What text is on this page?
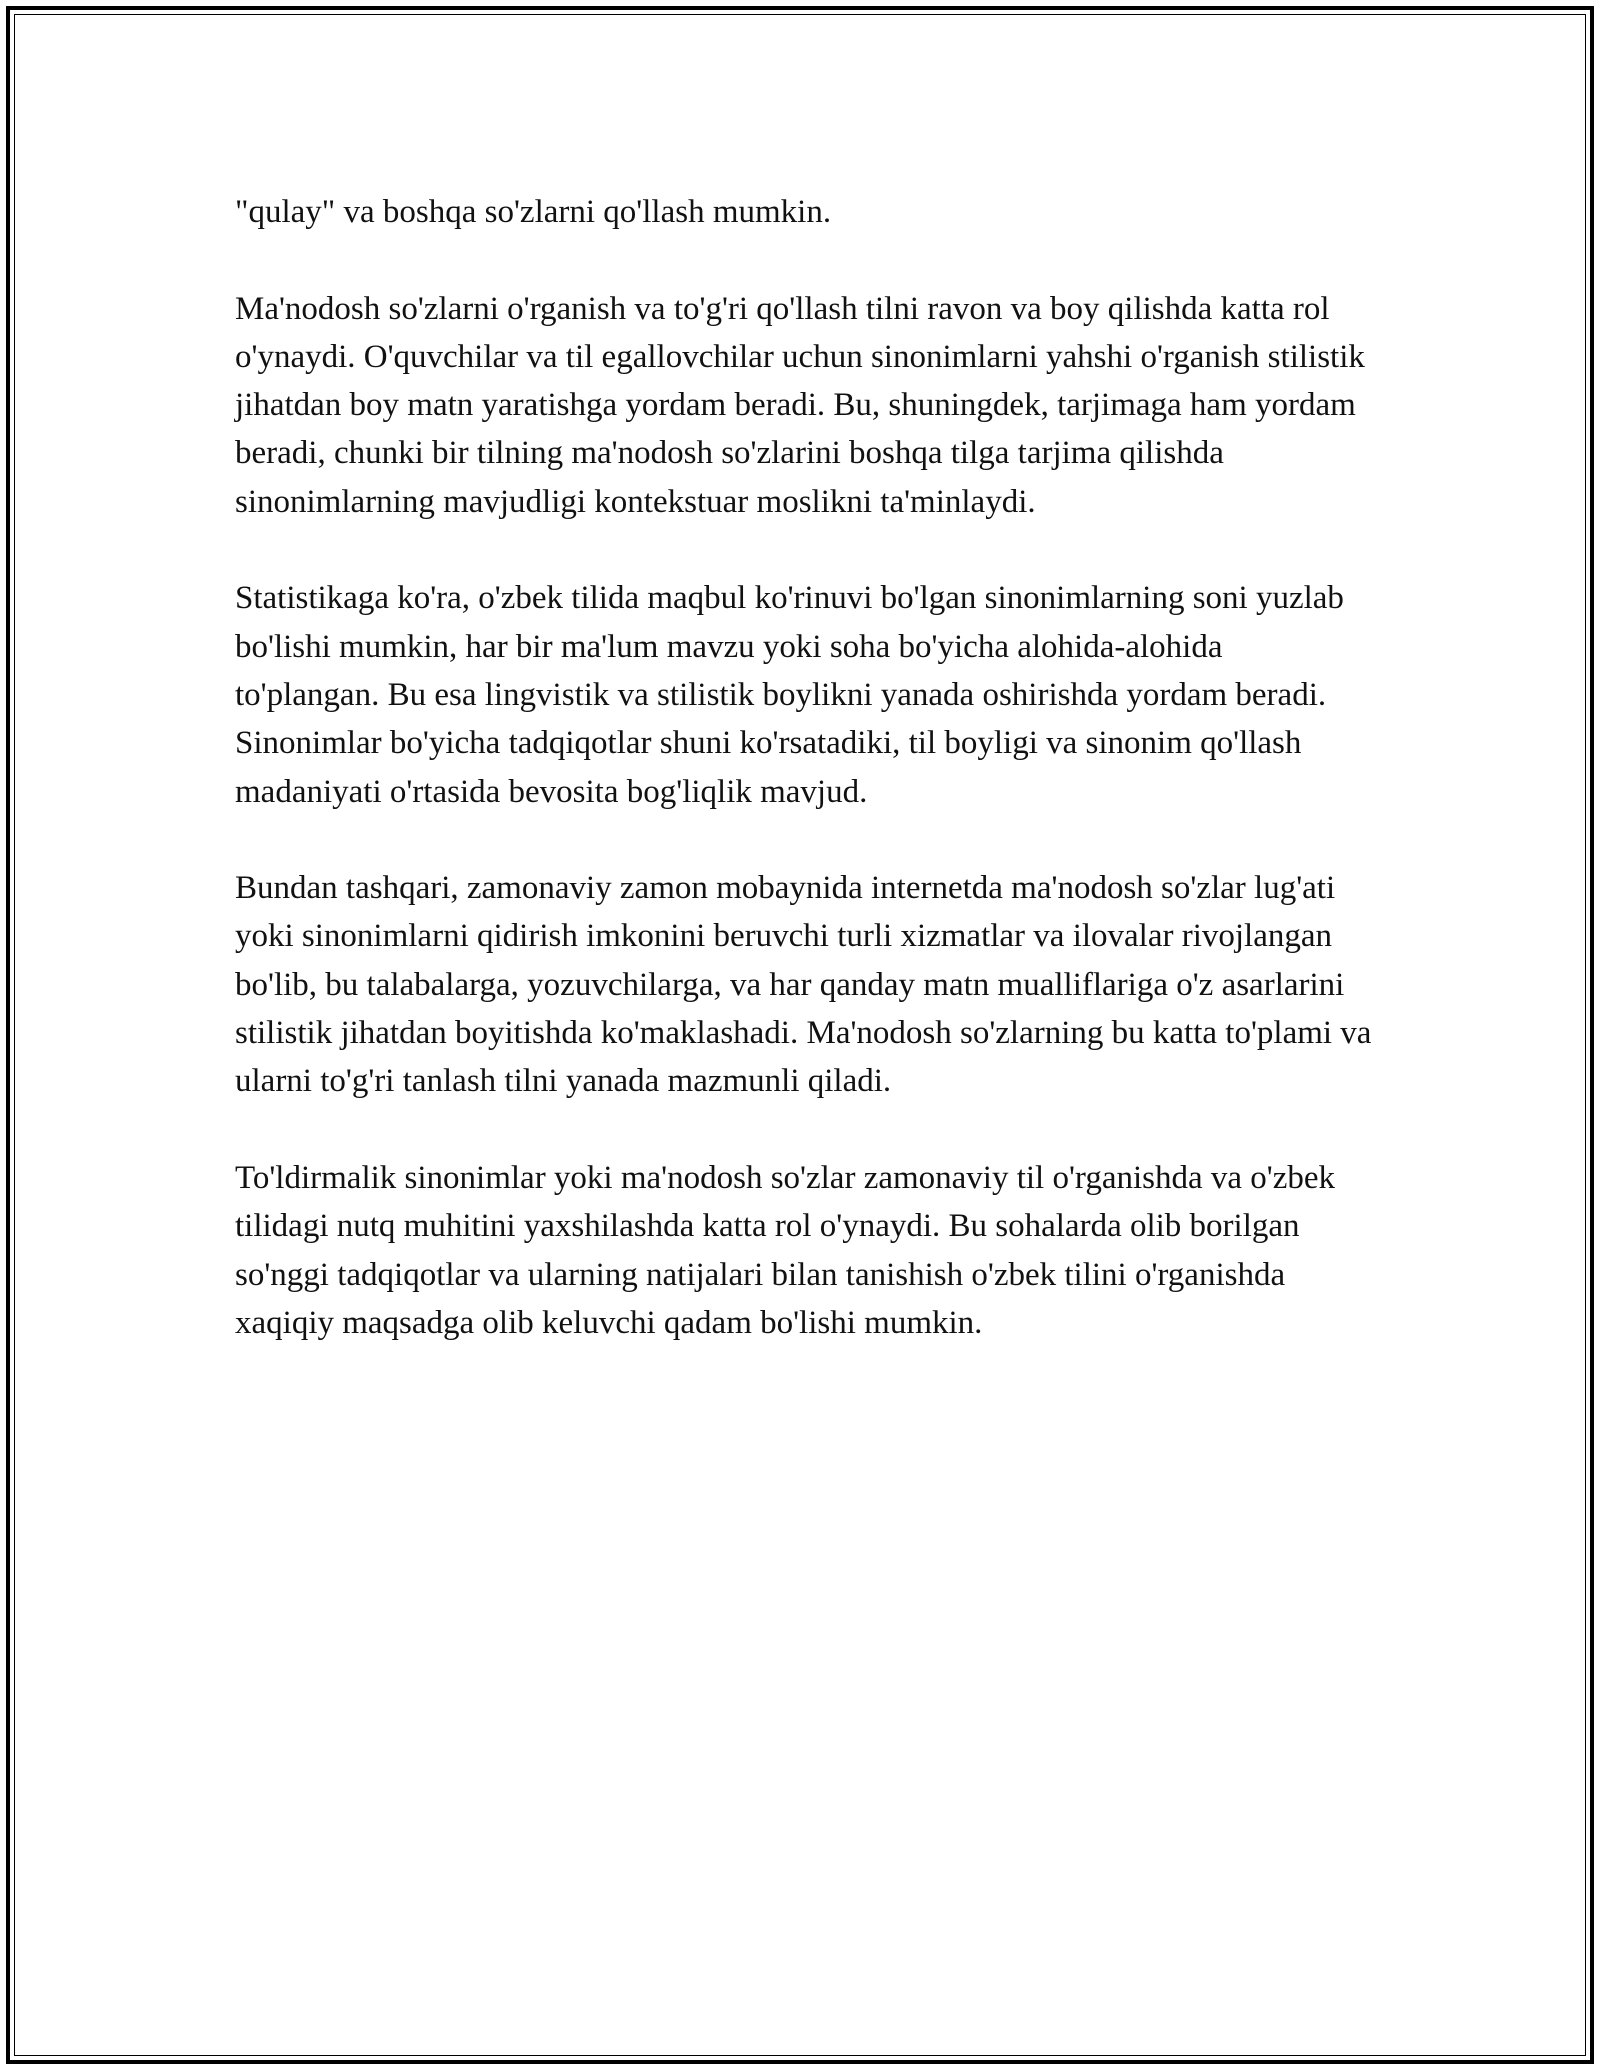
"qulay" va boshqa so'zlarni qo'llash mumkin.

Ma'nodosh so'zlarni o'rganish va to'g'ri qo'llash tilni ravon va boy qilishda katta rol o'ynaydi. O'quvchilar va til egallovchilar uchun sinonimlarni yahshi o'rganish stilistik jihatdan boy matn yaratishga yordam beradi. Bu, shuningdek, tarjimaga ham yordam beradi, chunki bir tilning ma'nodosh so'zlarini boshqa tilga tarjima qilishda sinonimlarning mavjudligi kontekstuar moslikni ta'minlaydi.

Statistikaga ko'ra, o'zbek tilida maqbul ko'rinuvi bo'lgan sinonimlarning soni yuzlab bo'lishi mumkin, har bir ma'lum mavzu yoki soha bo'yicha alohida-alohida to'plangan. Bu esa lingvistik va stilistik boylikni yanada oshirishda yordam beradi. Sinonimlar bo'yicha tadqiqotlar shuni ko'rsatadiki, til boyligi va sinonim qo'llash madaniyati o'rtasida bevosita bog'liqlik mavjud.

Bundan tashqari, zamonaviy zamon mobaynida internetda ma'nodosh so'zlar lug'ati yoki sinonimlarni qidirish imkonini beruvchi turli xizmatlar va ilovalar rivojlangan bo'lib, bu talabalarga, yozuvchilarga, va har qanday matn mualliflariga o'z asarlarini stilistik jihatdan boyitishda ko'maklashadi. Ma'nodosh so'zlarning bu katta to'plami va ularni to'g'ri tanlash tilni yanada mazmunli qiladi.

To'ldirmalik sinonimlar yoki ma'nodosh so'zlar zamonaviy til o'rganishda va o'zbek tilidagi nutq muhitini yaxshilashda katta rol o'ynaydi. Bu sohalarda olib borilgan so'nggi tadqiqotlar va ularning natijalari bilan tanishish o'zbek tilini o'rganishda xaqiqiy maqsadga olib keluvchi qadam bo'lishi mumkin.
